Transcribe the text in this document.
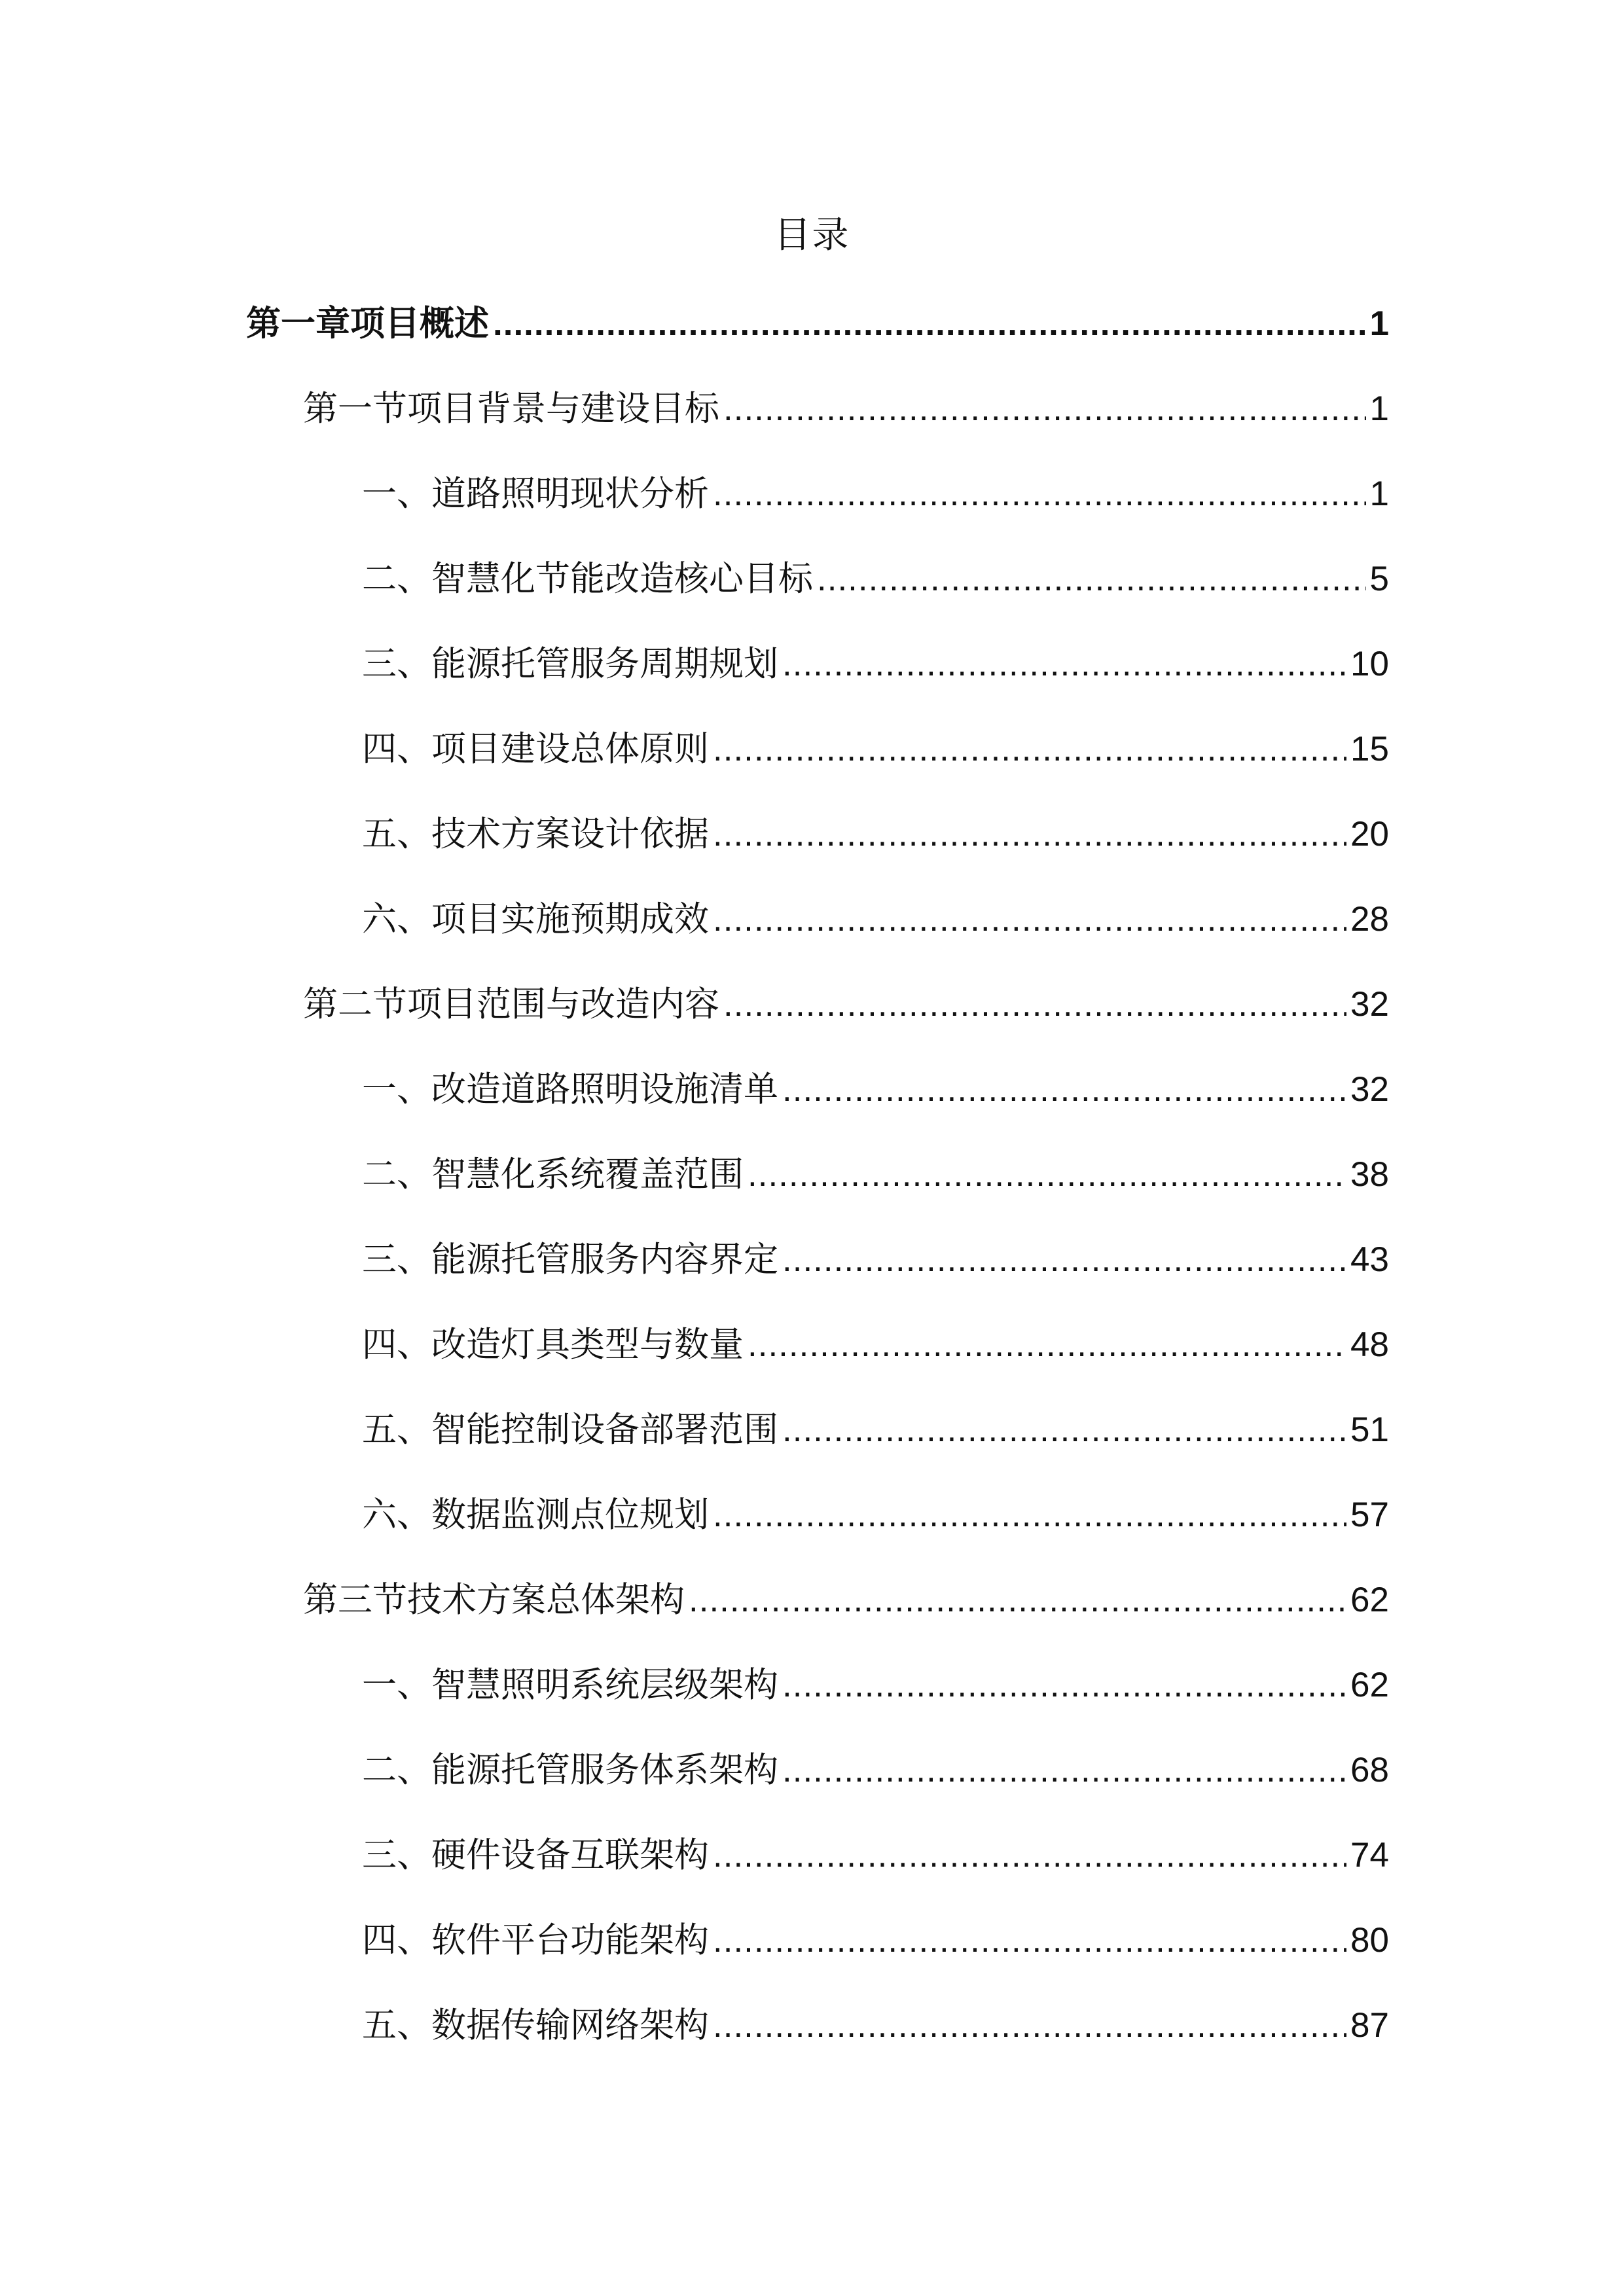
目录
第一章项目概述 .....	1
第一节项目背景与建设目标 .....	1
一、道路照明现状分析 .....	1
二、智慧化节能改造核心目标 .....	5
三、能源托管服务周期规划 .....	10
四、项目建设总体原则 .....	15
五、技术方案设计依据 .....	20
六、项目实施预期成效 .....	28
第二节项目范围与改造内容 .....	32
一、改造道路照明设施清单 .....	32
二、智慧化系统覆盖范围 .....	38
三、能源托管服务内容界定 .....	43
四、改造灯具类型与数量 .....	48
五、智能控制设备部署范围 .....	51
六、数据监测点位规划 .....	57
第三节技术方案总体架构 .....	62
一、智慧照明系统层级架构 .....	62
二、能源托管服务体系架构 .....	68
三、硬件设备互联架构 .....	74
四、软件平台功能架构 .....	80
五、数据传输网络架构 .....	87
